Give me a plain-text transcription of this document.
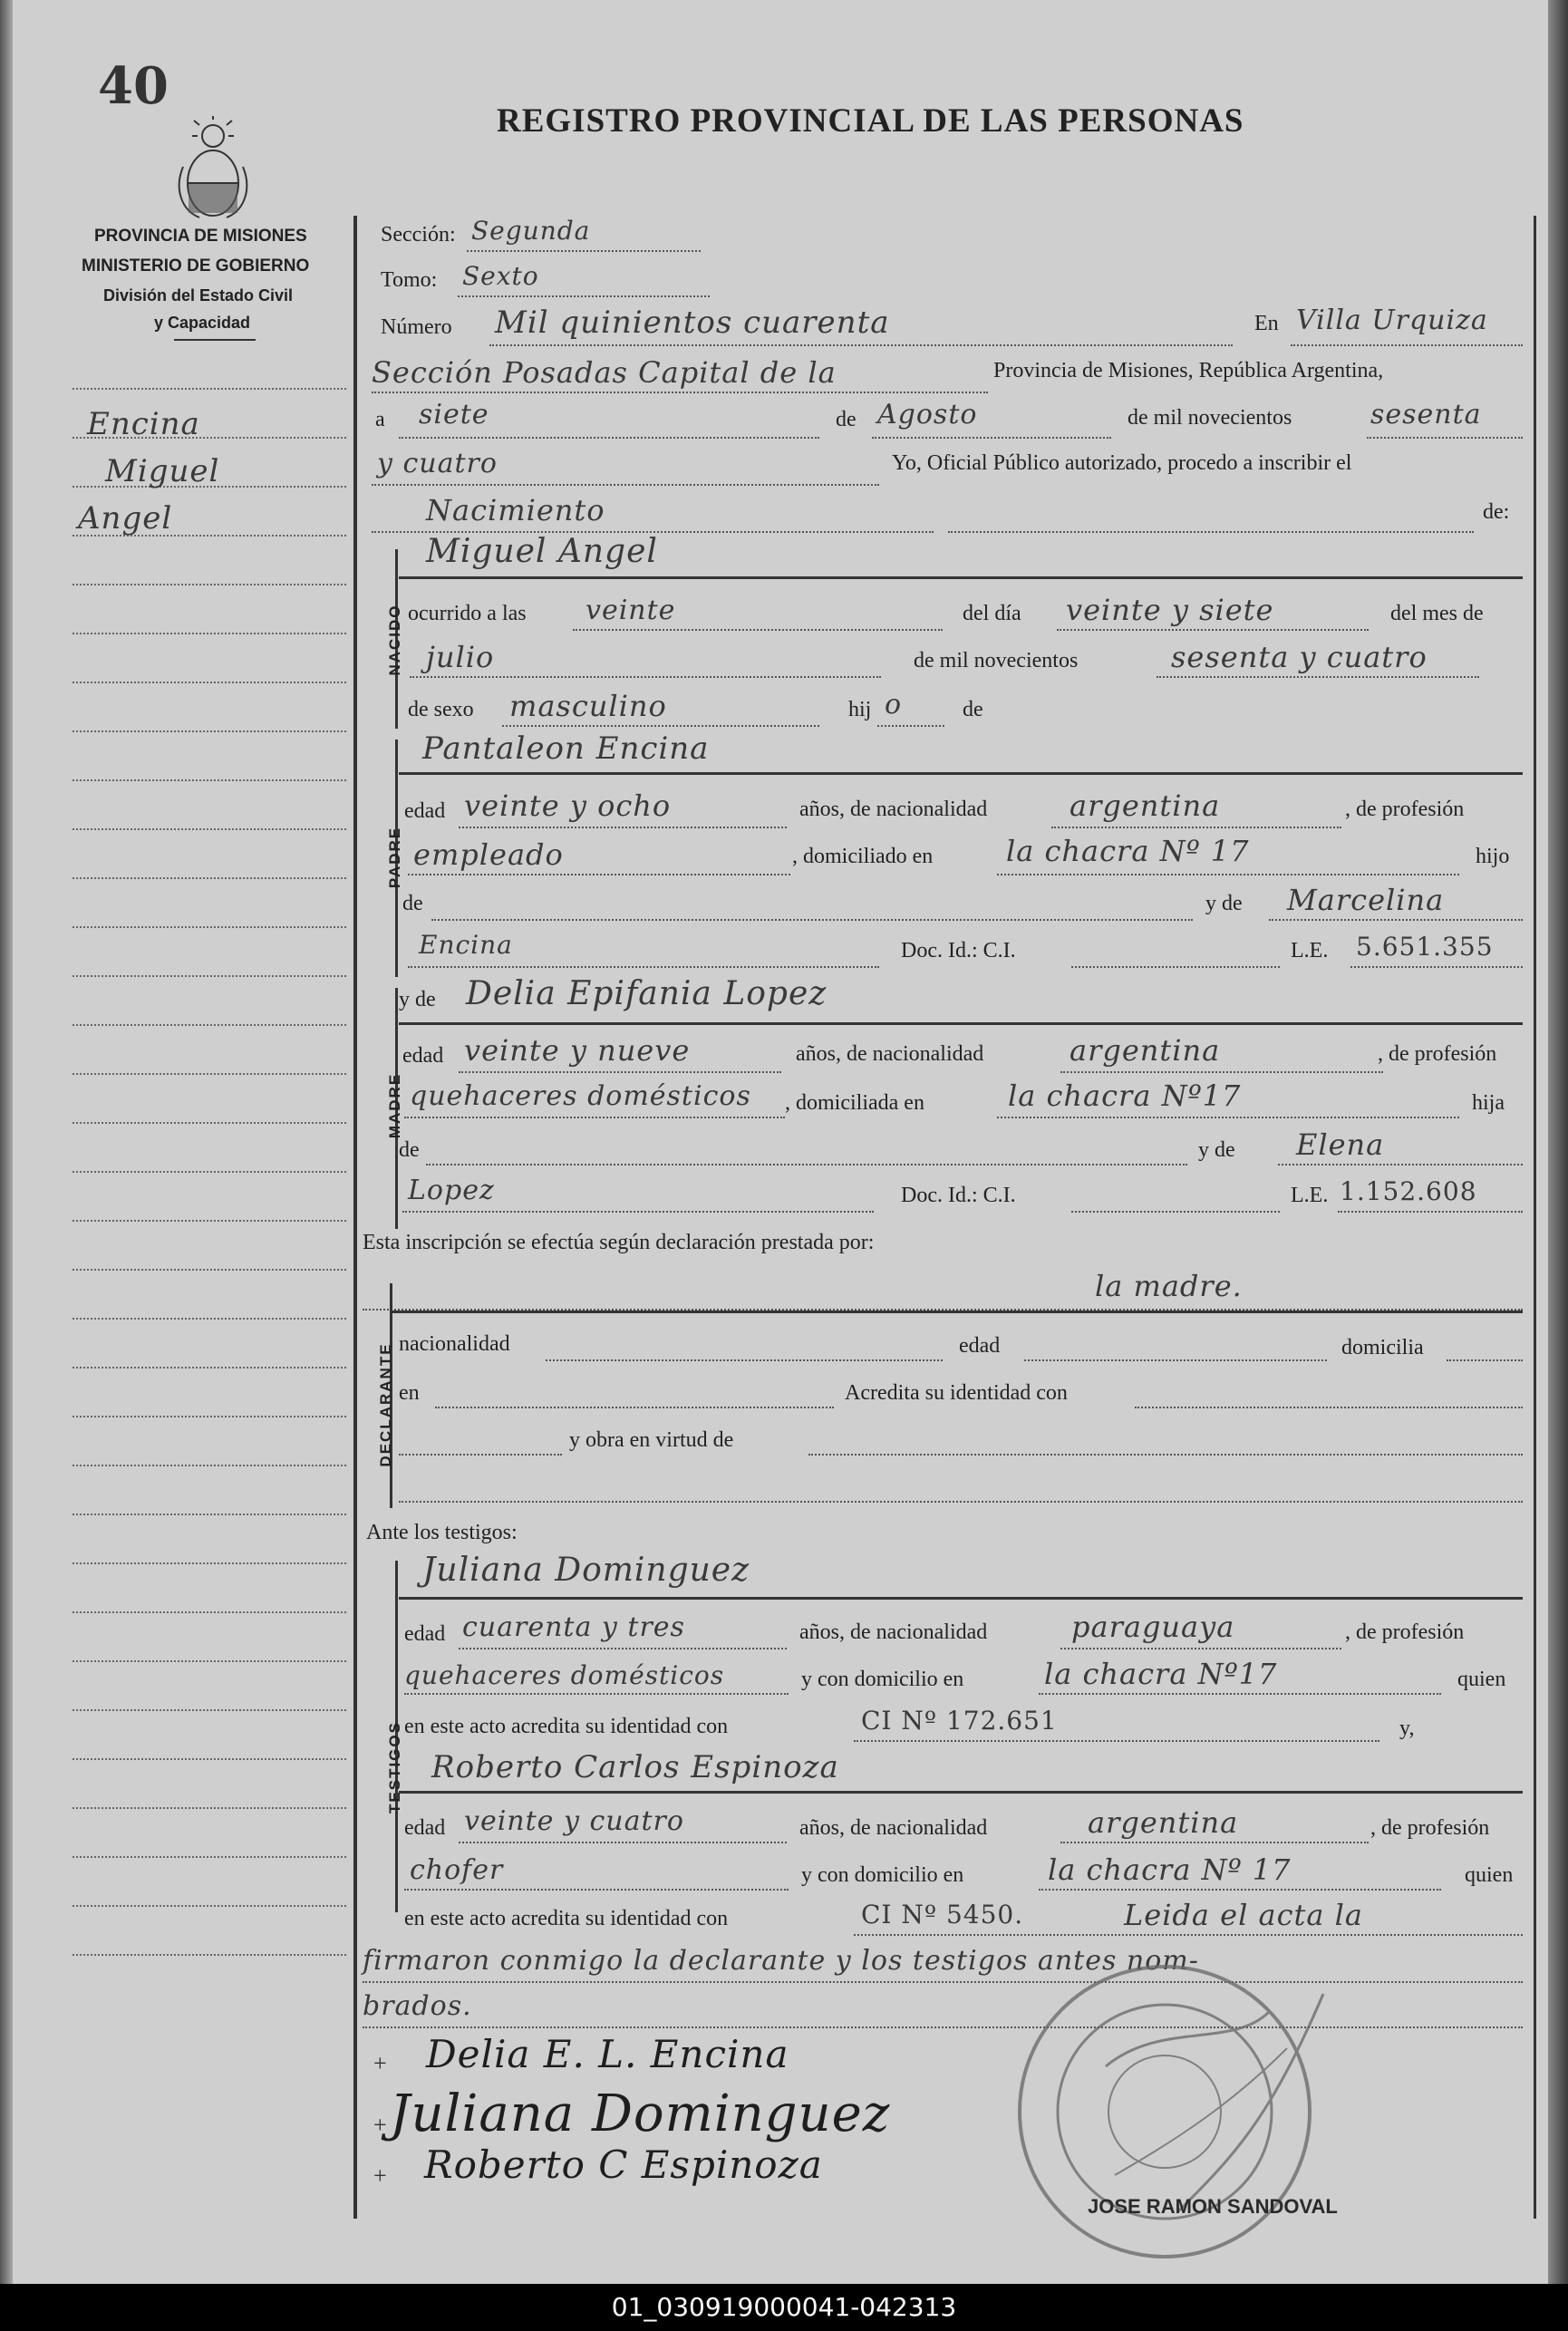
40
REGISTRO PROVINCIAL DE LAS PERSONAS
PROVINCIA DE MISIONES
MINISTERIO DE GOBIERNO
División del Estado Civil
y Capacidad
Encina
Miguel
Angel
Sección: Segunda
Tomo: Sexto
Número Mil quinientos cuarenta	En Villa Urquiza
Sección Posadas Capital de la	Provincia de Misiones, República Argentina,
a siete	de Agosto	de mil novecientos	sesenta
y cuatro	Yo, Oficial Público autorizado, procedo a inscribir el
Nacimiento	de:
NACIDO
Miguel Angel
ocurrido a las veinte	del día veinte y siete	del mes de
julio	de mil novecientos	sesenta y cuatro
de sexo masculino	hij o	de
PADRE
Pantaleon Encina
edad veinte y ocho	años, de nacionalidad	argentina	, de profesión
empleado	, domiciliado en	la chacra Nº 17	hijo
de	y de Marcelina
Encina	Doc. Id.: C.I.	L.E. 5.651.355
MADRE
y de Delia Epifania Lopez
edad veinte y nueve	años, de nacionalidad	argentina	, de profesión
quehaceres domésticos , domiciliada en	la chacra Nº17	hija
de	y de Elena
Lopez	Doc. Id.: C.I.	L.E. 1.152.608
Esta inscripción se efectúa según declaración prestada por:
la madre.
DECLARANTE nacionalidad	edad	domicilia
en	Acredita su identidad con
y obra en virtud de
Ante los testigos:
TESTIGOS
Juliana Dominguez
edad cuarenta y tres	años, de nacionalidad	paraguaya	, de profesión
quehaceres domésticos	y con domicilio en	la chacra Nº17	quien
en este acto acredita su identidad con	CI Nº 172.651	y,
Roberto Carlos Espinoza
edad veinte y cuatro	años, de nacionalidad	argentina	, de profesión
chofer	y con domicilio en	la chacra Nº 17	quien
en este acto acredita su identidad con	CI Nº 5450.	Leida el acta la
firmaron conmigo la declarante y los testigos antes nom-
brados.
Delia E. L. Encina
Juliana Dominguez
Roberto C Espinoza
+
+
+
JOSE RAMON SANDOVAL
01_030919000041-042313
